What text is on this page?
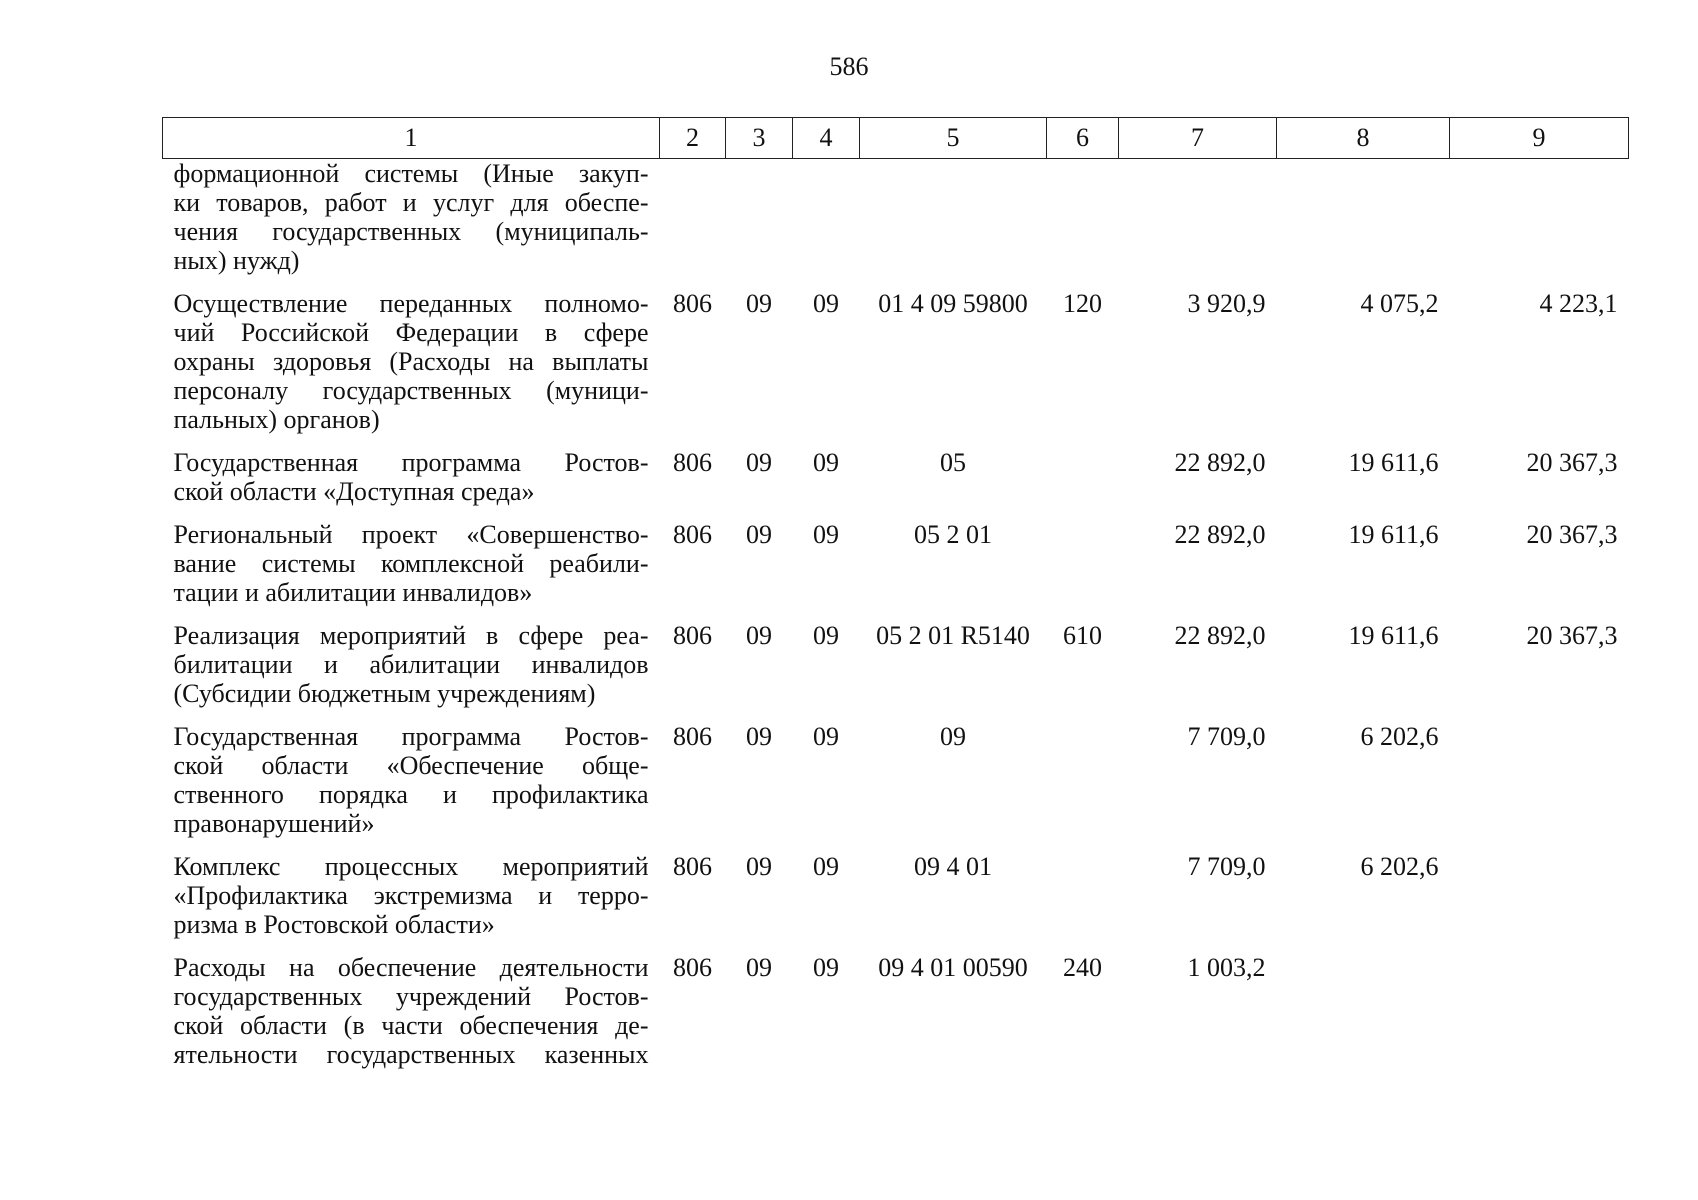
586
1	2	3	4	5	6	7	8	9

формационной системы (Иные закуп-
ки товаров, работ и услуг для обеспе-
чения государственных (муниципаль-
ных) нужд)								

Осуществление переданных полномо-
чий Российской Федерации в сфере
охраны здоровья (Расходы на выплаты
персоналу государственных (муници-
пальных) органов)	806	09	09	01 4 09 59800	120	3 920,9	4 075,2	4 223,1

Государственная программа Ростов-
ской области «Доступная среда»	806	09	09	05		22 892,0	19 611,6	20 367,3

Региональный проект «Совершенство-
вание системы комплексной реабили-
тации и абилитации инвалидов»	806	09	09	05 2 01		22 892,0	19 611,6	20 367,3

Реализация мероприятий в сфере реа-
билитации и абилитации инвалидов
(Субсидии бюджетным учреждениям)	806	09	09	05 2 01 R5140	610	22 892,0	19 611,6	20 367,3

Государственная программа Ростов-
ской области «Обеспечение обще-
ственного порядка и профилактика
правонарушений»	806	09	09	09		7 709,0	6 202,6	

Комплекс процессных мероприятий
«Профилактика экстремизма и терро-
ризма в Ростовской области»	806	09	09	09 4 01		7 709,0	6 202,6	

Расходы на обеспечение деятельности
государственных учреждений Ростов-
ской области (в части обеспечения де-
ятельности государственных казенных	806	09	09	09 4 01 00590	240	1 003,2		
